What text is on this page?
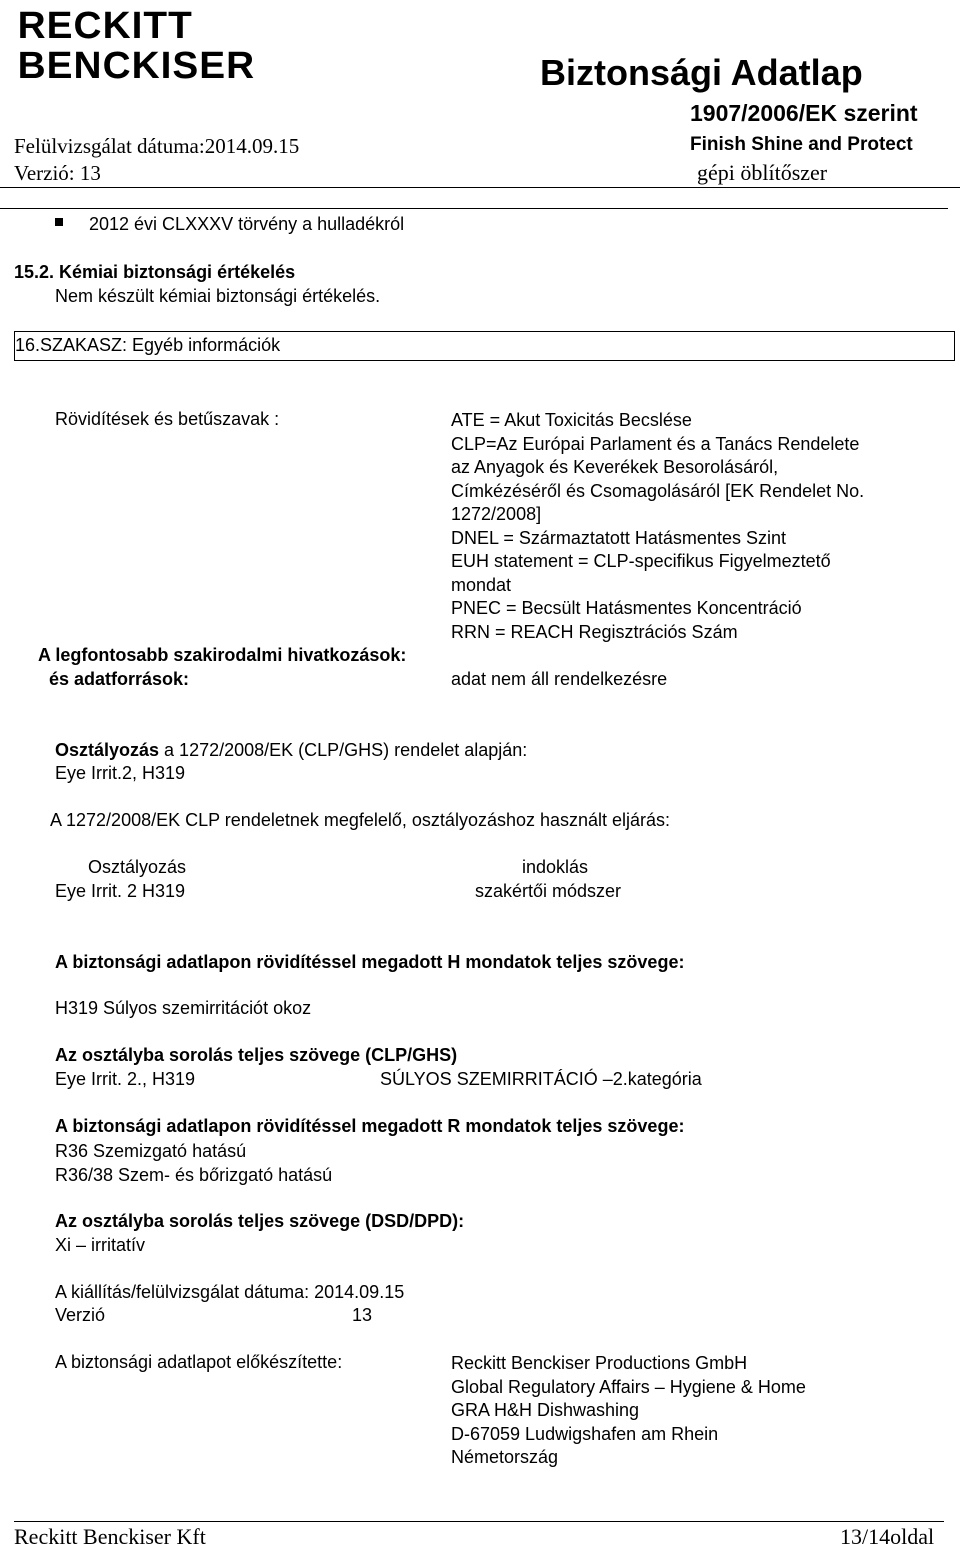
RECKITT
BENCKISER	Biztonsági Adatlap
1907/2006/EK szerint
Finish Shine and Protect
gépi öblítőszer
Felülvizsgálat dátuma:2014.09.15
Verzió: 13
2012 évi CLXXXV törvény a hulladékról
15.2. Kémiai biztonsági értékelés
Nem készült kémiai biztonsági értékelés.
16.SZAKASZ: Egyéb információk
Rövidítések és betűszavak :	ATE = Akut Toxicitás Becslése
CLP=Az Európai Parlament és a Tanács Rendelete
az Anyagok és Keverékek Besorolásáról,
Címkézéséről és Csomagolásáról [EK Rendelet No.
1272/2008]
DNEL = Származtatott Hatásmentes Szint
EUH statement = CLP-specifikus Figyelmeztető
mondat
PNEC = Becsült Hatásmentes Koncentráció
RRN = REACH Regisztrációs Szám
A legfontosabb szakirodalmi hivatkozások:
és adatforrások:	adat nem áll rendelkezésre
Osztályozás a 1272/2008/EK (CLP/GHS) rendelet alapján:
Eye Irrit.2, H319
A 1272/2008/EK CLP rendeletnek megfelelő, osztályozáshoz használt eljárás:
Osztályozás	indoklás
Eye Irrit. 2 H319	szakértői módszer
A biztonsági adatlapon rövidítéssel megadott H mondatok teljes szövege:
H319 Súlyos szemirritációt okoz
Az osztályba sorolás teljes szövege (CLP/GHS)
Eye Irrit. 2., H319	SÚLYOS SZEMIRRITÁCIÓ –2.kategória
A biztonsági adatlapon rövidítéssel megadott R mondatok teljes szövege:
R36 Szemizgató hatású
R36/38 Szem- és bőrizgató hatású
Az osztályba sorolás teljes szövege (DSD/DPD):
Xi – irritatív
A kiállítás/felülvizsgálat dátuma: 2014.09.15
Verzió	13
A biztonsági adatlapot előkészítette:	Reckitt Benckiser Productions GmbH
Global Regulatory Affairs – Hygiene & Home
GRA H&H Dishwashing
D-67059 Ludwigshafen am Rhein
Németország
Reckitt Benckiser Kft	13/14oldal
